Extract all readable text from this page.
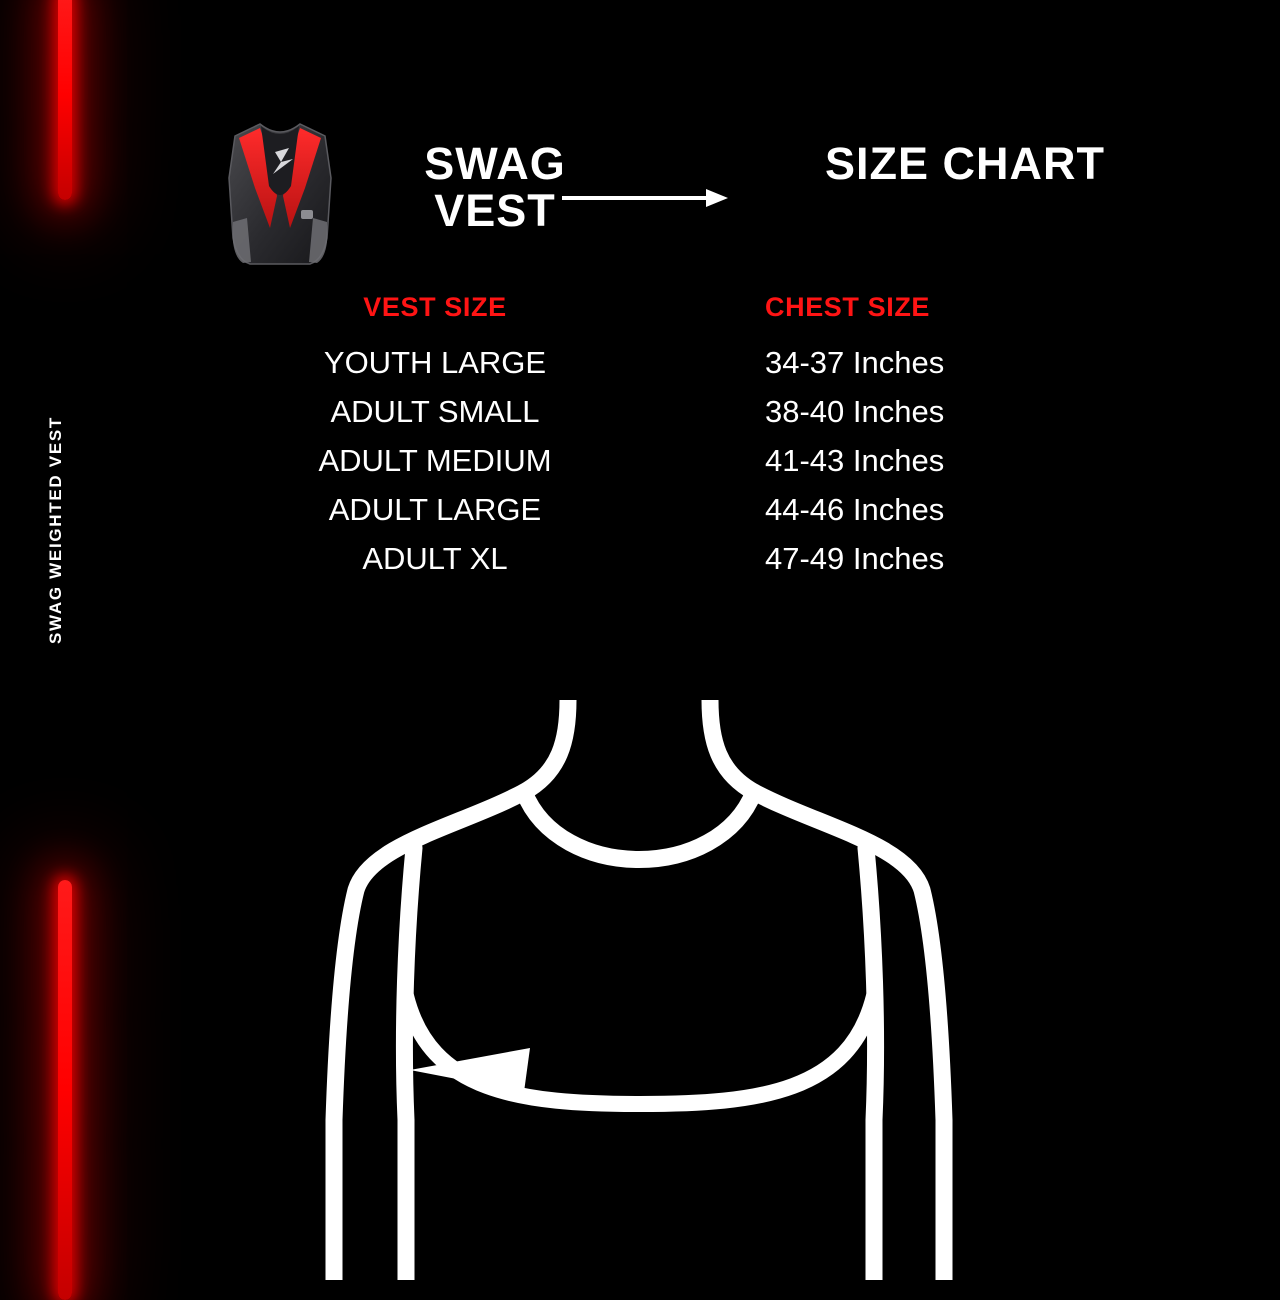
SWAG WEIGHTED VEST
SWAG VEST
SIZE CHART
VEST SIZE	CHEST SIZE
YOUTH LARGE	34-37 Inches
ADULT SMALL	38-40 Inches
ADULT MEDIUM	41-43 Inches
ADULT LARGE	44-46 Inches
ADULT XL	47-49 Inches
